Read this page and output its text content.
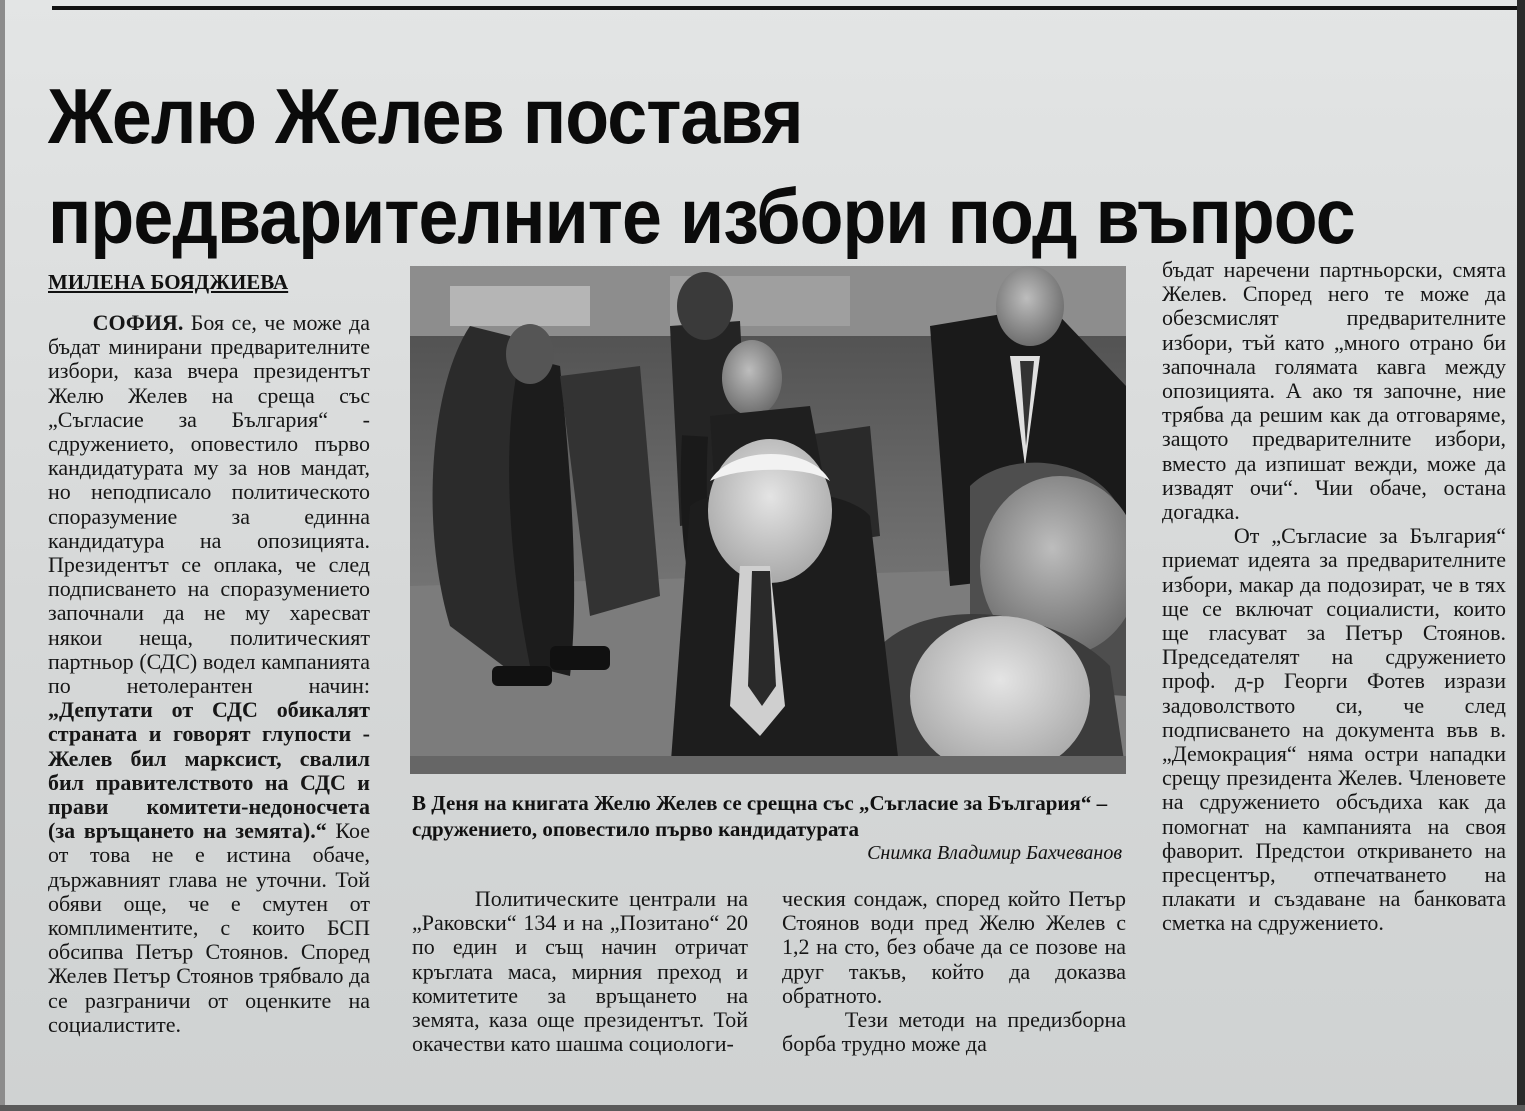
Желю Желев поставя
предварителните избори под въпрос
МИЛЕНА БОЯДЖИЕВА
СОФИЯ. Боя се, че може да бъдат минирани предварителните избори, каза вчера президентът Желю Желев на среща със „Съгласие за България“ - сдружението, оповестило първо кандидатурата му за нов мандат, но неподписало политическото споразумение за единна кандидатура на опозицията. Президентът се оплака, че след подписването на споразумението започнали да не му харесват някои неща, политическият партньор (СДС) водел кампанията по нетолерантен начин: „Депутати от СДС обикалят страната и говорят глупости - Желев бил марксист, свалил бил правителството на СДС и прави комитети-недоносчета (за връщането на земята).“ Кое от това не е истина обаче, държавният глава не уточни. Той обяви още, че е смутен от комплиментите, с които БСП обсипва Петър Стоянов. Според Желев Петър Стоянов трябвало да се разграничи от оценките на социалистите.
В Деня на книгата Желю Желев се срещна със „Съгласие за България“ – сдружението, оповестило първо кандидатурата
Снимка Владимир Бахчеванов
Политическите централи на „Раковски“ 134 и на „Позитано“ 20 по един и същ начин отричат кръглата маса, мирния преход и комитетите за връщането на земята, каза още президентът. Той окачестви като шашма социологи-
ческия сондаж, според който Петър Стоянов води пред Желю Желев с 1,2 на сто, без обаче да се позове на друг такъв, който да доказва обратното.
Тези методи на предизборна борба трудно може да
бъдат наречени партньорски, смята Желев. Според него те може да обезсмислят предварителните избори, тъй като „много отрано би започнала голямата кавга между опозицията. А ако тя започне, ние трябва да решим как да отговаряме, защото предварителните избори, вместо да изпишат вежди, може да извадят очи“. Чии обаче, остана догадка.
От „Съгласие за България“ приемат идеята за предварителните избори, макар да подозират, че в тях ще се включат социалисти, които ще гласуват за Петър Стоянов. Председателят на сдружението проф. д-р Георги Фотев изрази задоволството си, че след подписването на документа във в. „Демокрация“ няма остри нападки срещу президента Желев. Членовете на сдружението обсъдиха как да помогнат на кампанията на своя фаворит. Предстои откриването на пресцентър, отпечатването на плакати и създаване на банковата сметка на сдружението.
